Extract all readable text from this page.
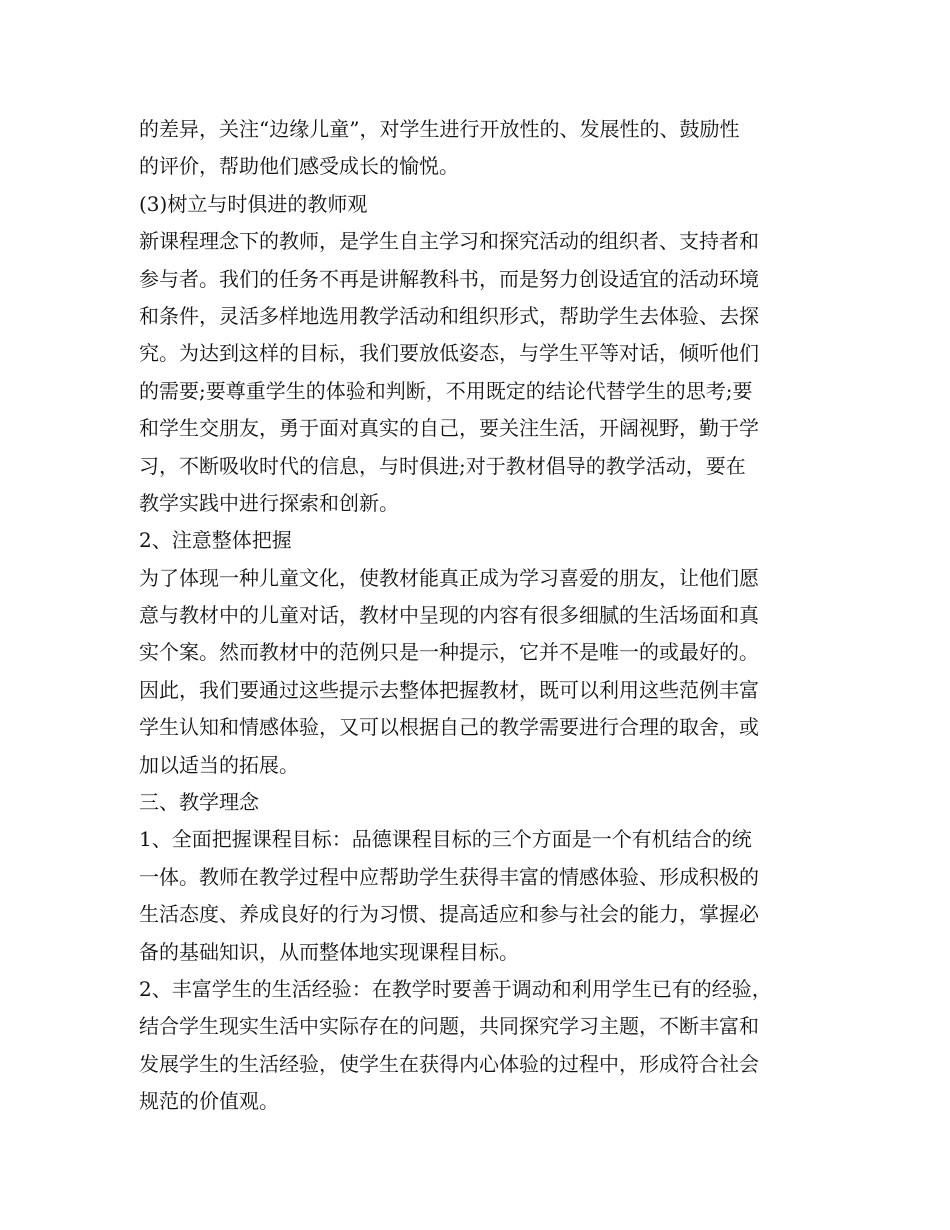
的差异，关注“边缘儿童”，对学生进行开放性的、发展性的、鼓励性
的评价，帮助他们感受成长的愉悦。
(3)树立与时俱进的教师观
新课程理念下的教师，是学生自主学习和探究活动的组织者、支持者和
参与者。我们的任务不再是讲解教科书，而是努力创设适宜的活动环境
和条件，灵活多样地选用教学活动和组织形式，帮助学生去体验、去探
究。为达到这样的目标，我们要放低姿态，与学生平等对话，倾听他们
的需要;要尊重学生的体验和判断，不用既定的结论代替学生的思考;要
和学生交朋友，勇于面对真实的自己，要关注生活，开阔视野，勤于学
习，不断吸收时代的信息，与时俱进;对于教材倡导的教学活动，要在
教学实践中进行探索和创新。
2、注意整体把握
为了体现一种儿童文化，使教材能真正成为学习喜爱的朋友，让他们愿
意与教材中的儿童对话，教材中呈现的内容有很多细腻的生活场面和真
实个案。然而教材中的范例只是一种提示，它并不是唯一的或最好的。
因此，我们要通过这些提示去整体把握教材，既可以利用这些范例丰富
学生认知和情感体验，又可以根据自己的教学需要进行合理的取舍，或
加以适当的拓展。
三、教学理念
1、全面把握课程目标：品德课程目标的三个方面是一个有机结合的统
一体。教师在教学过程中应帮助学生获得丰富的情感体验、形成积极的
生活态度、养成良好的行为习惯、提高适应和参与社会的能力，掌握必
备的基础知识，从而整体地实现课程目标。
2、丰富学生的生活经验：在教学时要善于调动和利用学生已有的经验，
结合学生现实生活中实际存在的问题，共同探究学习主题，不断丰富和
发展学生的生活经验，使学生在获得内心体验的过程中，形成符合社会
规范的价值观。
